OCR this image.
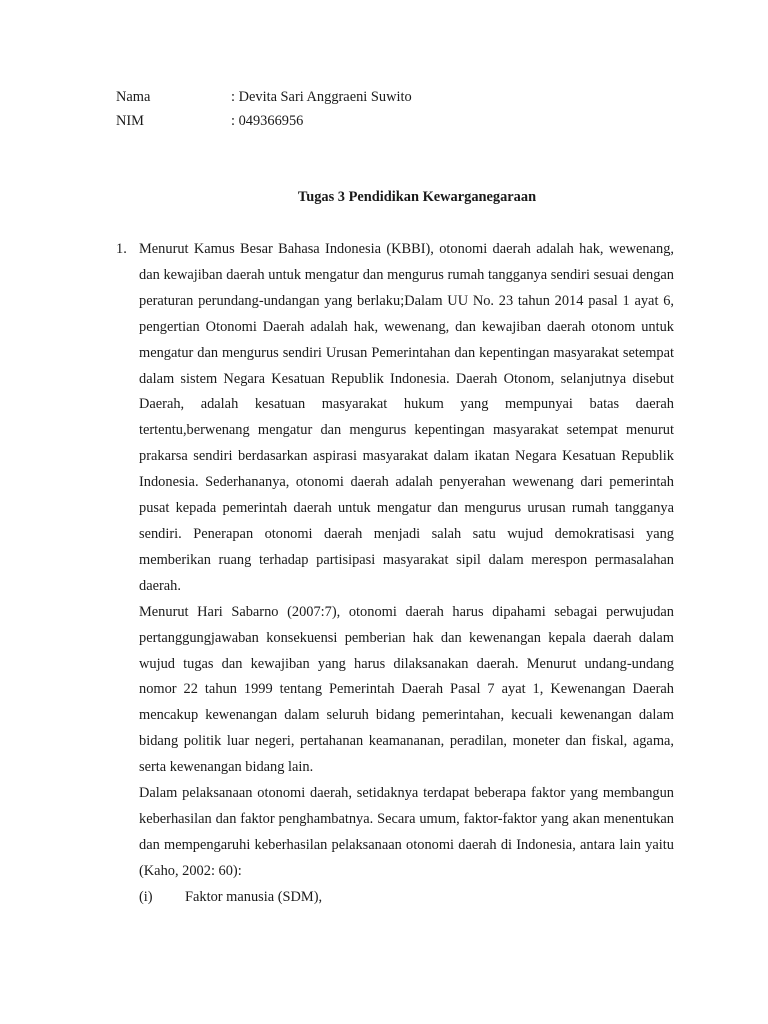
Nama	: Devita Sari Anggraeni Suwito
NIM	: 049366956
Tugas 3 Pendidikan Kewarganegaraan
1. Menurut Kamus Besar Bahasa Indonesia (KBBI), otonomi daerah adalah hak, wewenang, dan kewajiban daerah untuk mengatur dan mengurus rumah tangganya sendiri sesuai dengan peraturan perundang-undangan yang berlaku;Dalam UU No. 23 tahun 2014 pasal 1 ayat 6, pengertian Otonomi Daerah adalah hak, wewenang, dan kewajiban daerah otonom untuk mengatur dan mengurus sendiri Urusan Pemerintahan dan kepentingan masyarakat setempat dalam sistem Negara Kesatuan Republik Indonesia. Daerah Otonom, selanjutnya disebut Daerah, adalah kesatuan masyarakat hukum yang mempunyai batas daerah tertentu,berwenang mengatur dan mengurus kepentingan masyarakat setempat menurut prakarsa sendiri berdasarkan aspirasi masyarakat dalam ikatan Negara Kesatuan Republik Indonesia. Sederhananya, otonomi daerah adalah penyerahan wewenang dari pemerintah pusat kepada pemerintah daerah untuk mengatur dan mengurus urusan rumah tangganya sendiri. Penerapan otonomi daerah menjadi salah satu wujud demokratisasi yang memberikan ruang terhadap partisipasi masyarakat sipil dalam merespon permasalahan daerah.

Menurut Hari Sabarno (2007:7), otonomi daerah harus dipahami sebagai perwujudan pertanggungjawaban konsekuensi pemberian hak dan kewenangan kepala daerah dalam wujud tugas dan kewajiban yang harus dilaksanakan daerah. Menurut undang-undang nomor 22 tahun 1999 tentang Pemerintah Daerah Pasal 7 ayat 1, Kewenangan Daerah mencakup kewenangan dalam seluruh bidang pemerintahan, kecuali kewenangan dalam bidang politik luar negeri, pertahanan keamananan, peradilan, moneter dan fiskal, agama, serta kewenangan bidang lain.

Dalam pelaksanaan otonomi daerah, setidaknya terdapat beberapa faktor yang membangun keberhasilan dan faktor penghambatnya. Secara umum, faktor-faktor yang akan menentukan dan mempengaruhi keberhasilan pelaksanaan otonomi daerah di Indonesia, antara lain yaitu (Kaho, 2002: 60):

(i) Faktor manusia (SDM),
